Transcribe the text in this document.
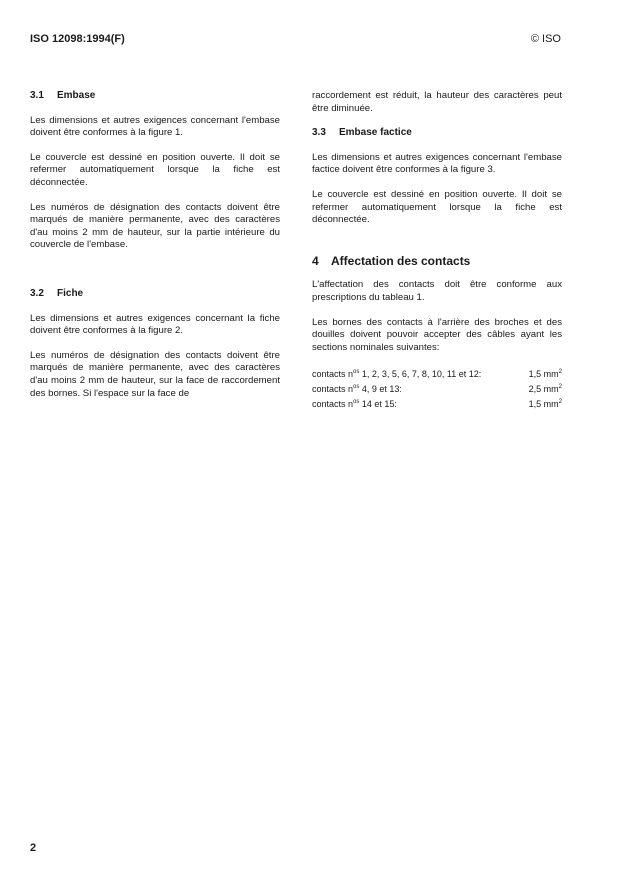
ISO 12098:1994(F)	© ISO
3.1 Embase

Les dimensions et autres exigences concernant l'embase doivent être conformes à la figure 1.

Le couvercle est dessiné en position ouverte. Il doit se refermer automatiquement lorsque la fiche est déconnectée.

Les numéros de désignation des contacts doivent être marqués de manière permanente, avec des caractères d'au moins 2 mm de hauteur, sur la partie intérieure du couvercle de l'embase.

3.2 Fiche

Les dimensions et autres exigences concernant la fiche doivent être conformes à la figure 2.

Les numéros de désignation des contacts doivent être marqués de manière permanente, avec des caractères d'au moins 2 mm de hauteur, sur la face de raccordement des bornes. Si l'espace sur la face de

raccordement est réduit, la hauteur des caractères peut être diminuée.

3.3 Embase factice

Les dimensions et autres exigences concernant l'embase factice doivent être conformes à la figure 3.

Le couvercle est dessiné en position ouverte. Il doit se refermer automatiquement lorsque la fiche est déconnectée.

4 Affectation des contacts

L'affectation des contacts doit être conforme aux prescriptions du tableau 1.

Les bornes des contacts à l'arrière des broches et des douilles doivent pouvoir accepter des câbles ayant les sections nominales suivantes:

contacts $n^{os}$ 1, 2, 3, 5, 6, 7, 8, 10, 11 et 12:	1,5 $mm^2$
contacts $n^{os}$ 4, 9 et 13:	2,5 $mm^2$
contacts $n^{os}$ 14 et 15:	1,5 $mm^2$
2
